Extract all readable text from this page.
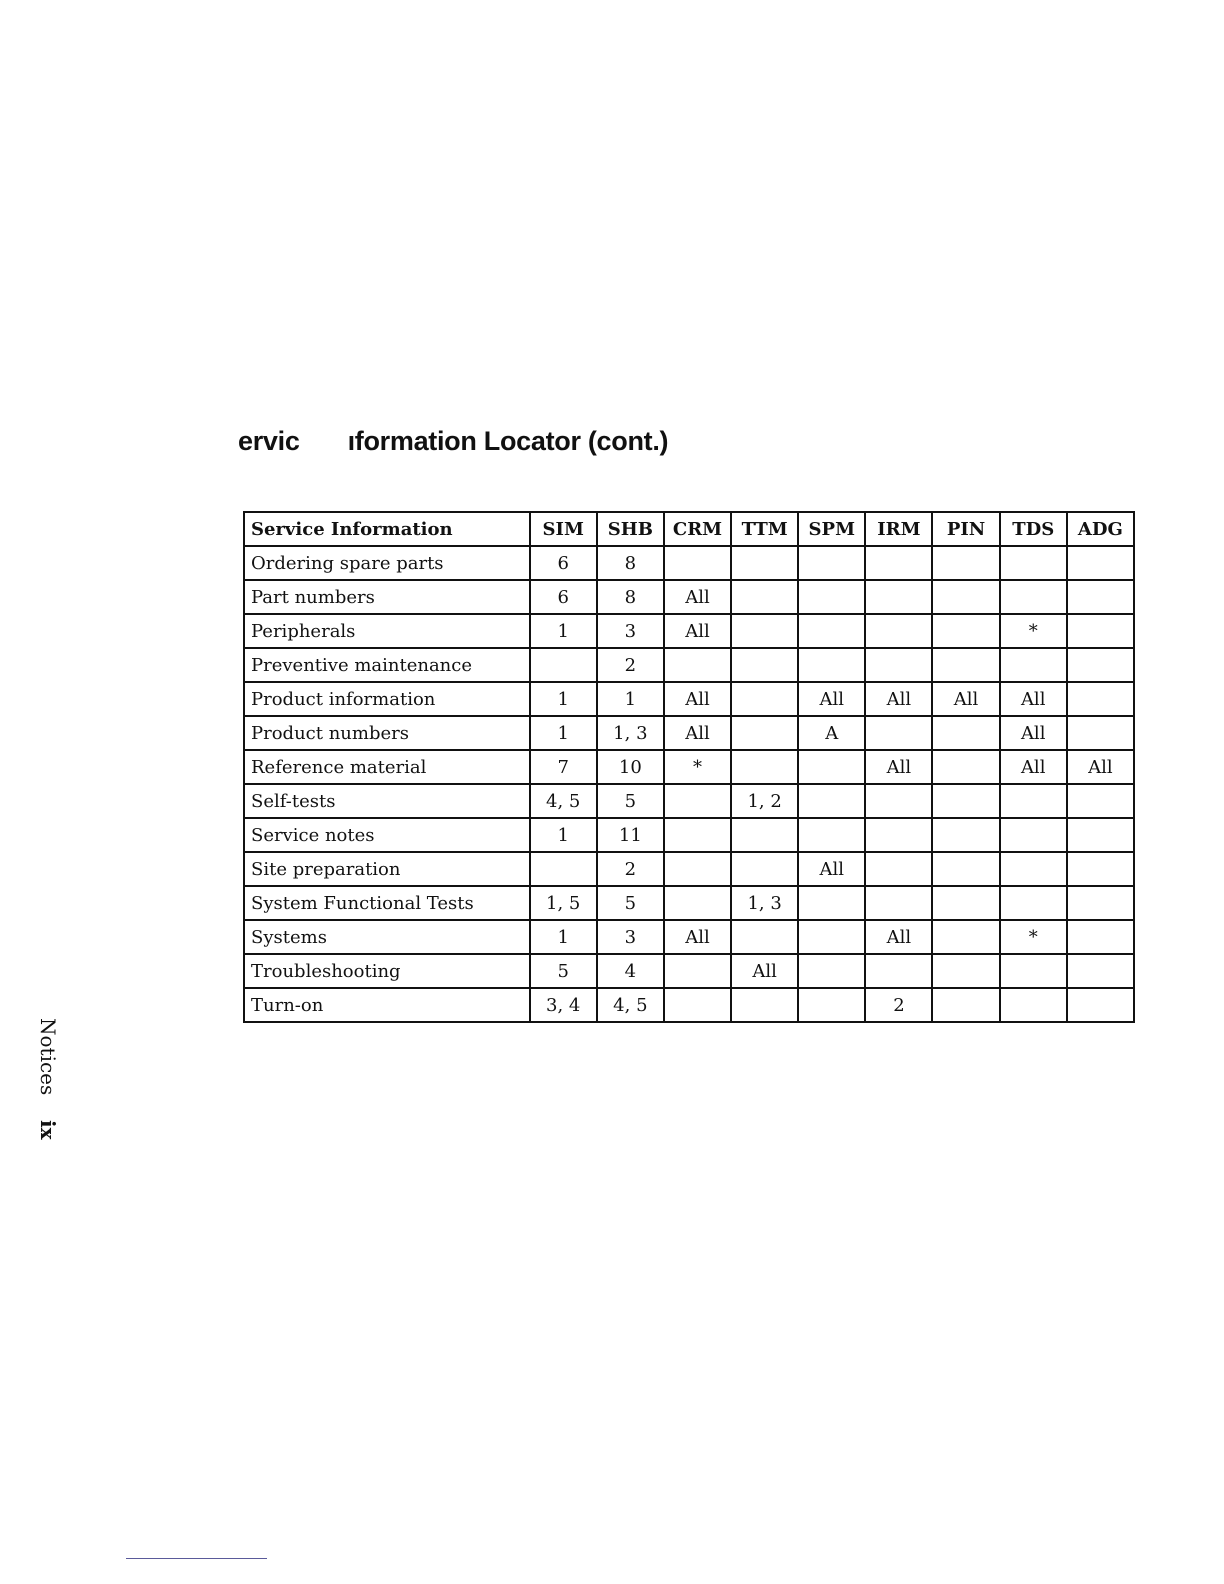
ervic ıformation Locator (cont.)
Service Information	SIM	SHB	CRM	TTM	SPM	IRM	PIN	TDS	ADG
Ordering spare parts	6	8							
Part numbers	6	8	All						
Peripherals	1	3	All					*	
Preventive maintenance		2							
Product information	1	1	All		All	All	All	All	
Product numbers	1	1, 3	All		A			All	
Reference material	7	10	*			All		All	All
Self-tests	4, 5	5		1, 2					
Service notes	1	11							
Site preparation		2			All				
System Functional Tests	1, 5	5		1, 3					
Systems	1	3	All			All		*	
Troubleshooting	5	4		All					
Turn-on	3, 4	4, 5				2			
Notices ix
